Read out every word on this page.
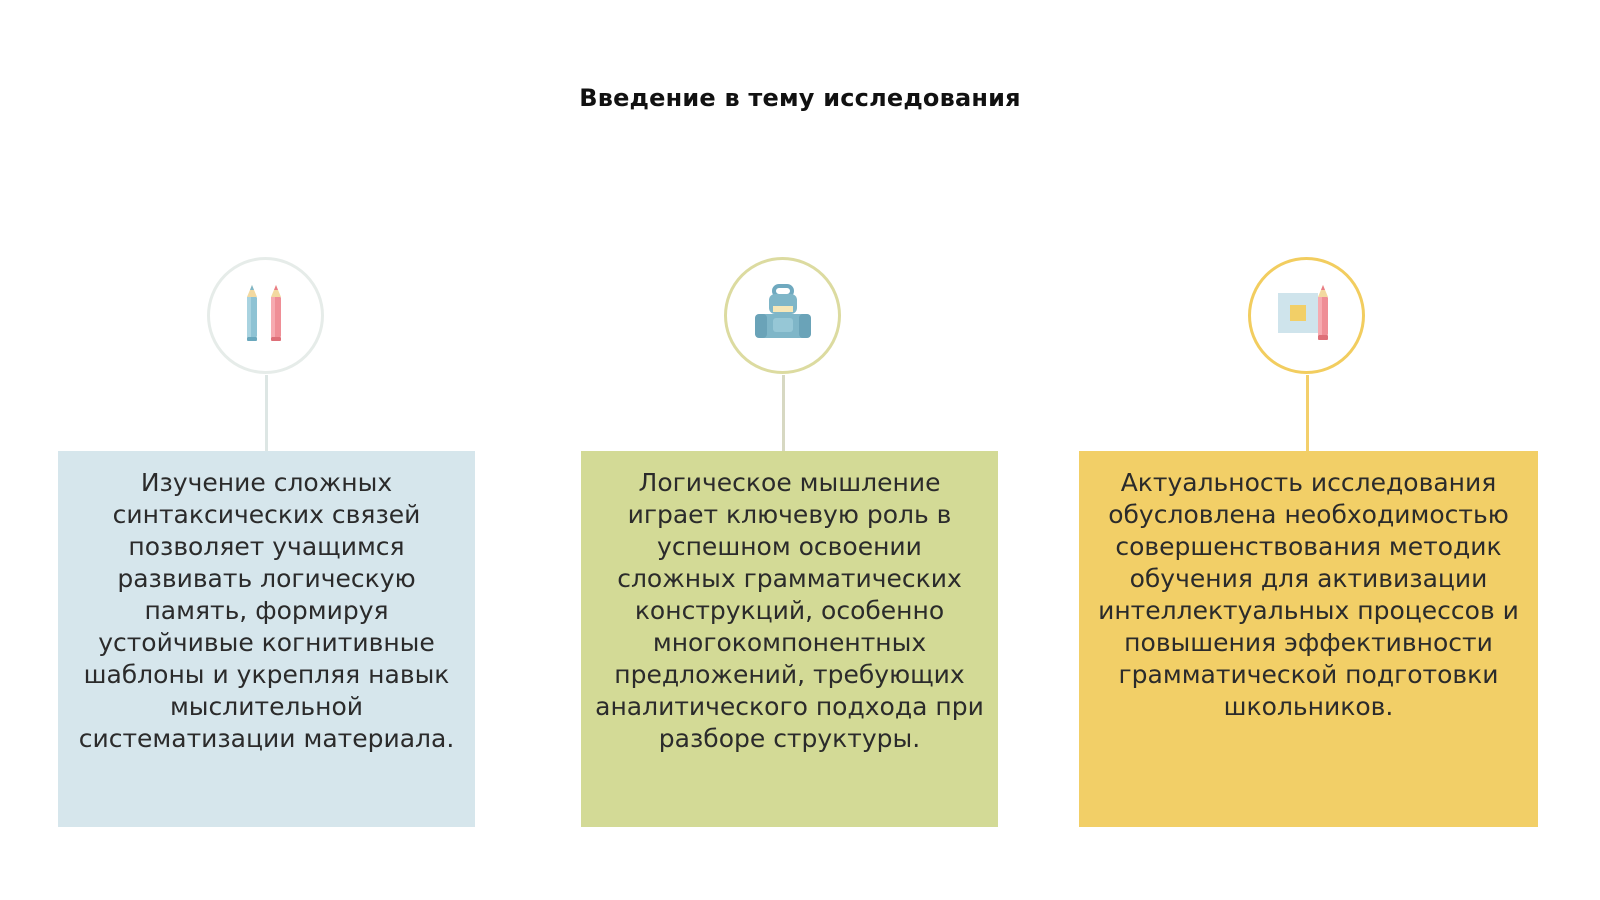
Введение в тему исследования
Изучение сложных синтаксических связей позволяет учащимся развивать логическую память, формируя устойчивые когнитивные шаблоны и укрепляя навык мыслительной систематизации материала.
Логическое мышление играет ключевую роль в успешном освоении сложных грамматических конструкций, особенно многокомпонентных предложений, требующих аналитического подхода при разборе структуры.
Актуальность исследования обусловлена необходимостью совершенствования методик обучения для активизации интеллектуальных процессов и повышения эффективности грамматической подготовки школьников.
